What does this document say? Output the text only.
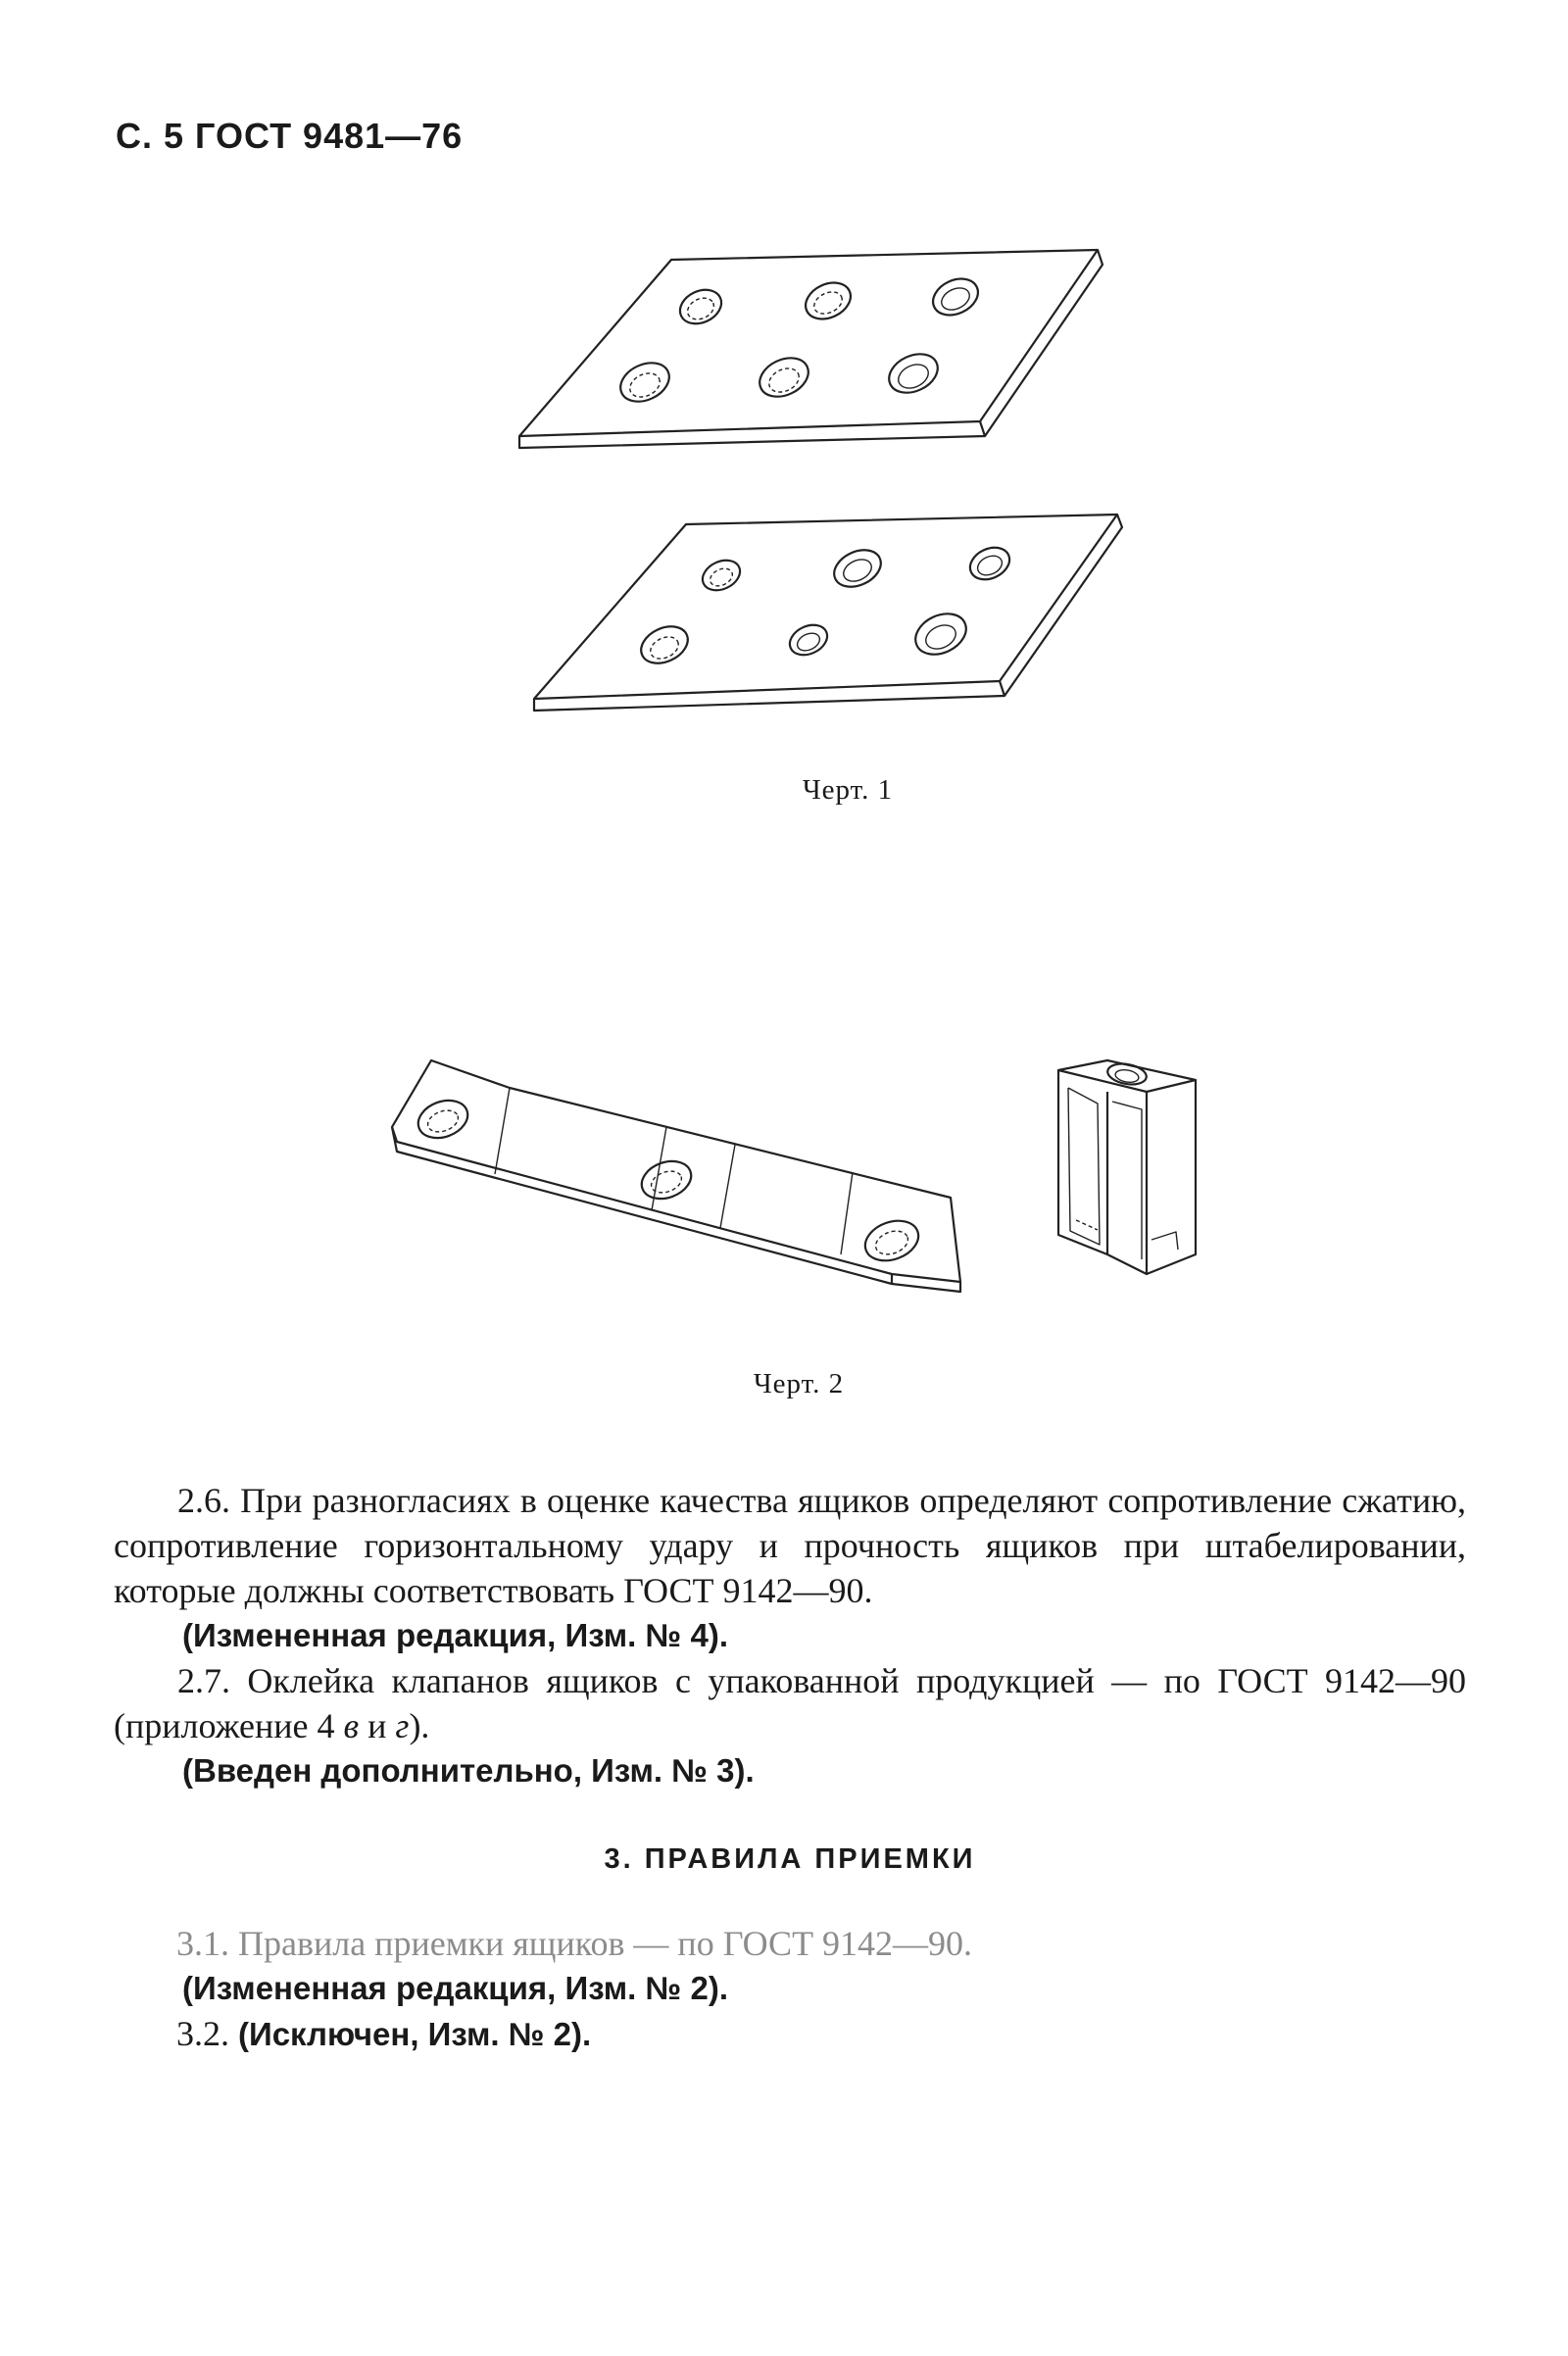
С. 5 ГОСТ 9481—76
Черт. 1
Черт. 2

2.6. При разногласиях в оценке качества ящиков определяют сопротивление сжатию, сопротивление горизонтальному удару и прочность ящиков при штабелировании, которые должны соответствовать ГОСТ 9142—90.

(Измененная редакция, Изм. № 4).

2.7. Оклейка клапанов ящиков с упакованной продукцией — по ГОСТ 9142—90 (приложение 4 в и г).

(Введен дополнительно, Изм. № 3).

3. ПРАВИЛА ПРИЕМКИ
3.1. Правила приемки ящиков — по ГОСТ 9142—90.

(Измененная редакция, Изм. № 2).

3.2. (Исключен, Изм. № 2).
